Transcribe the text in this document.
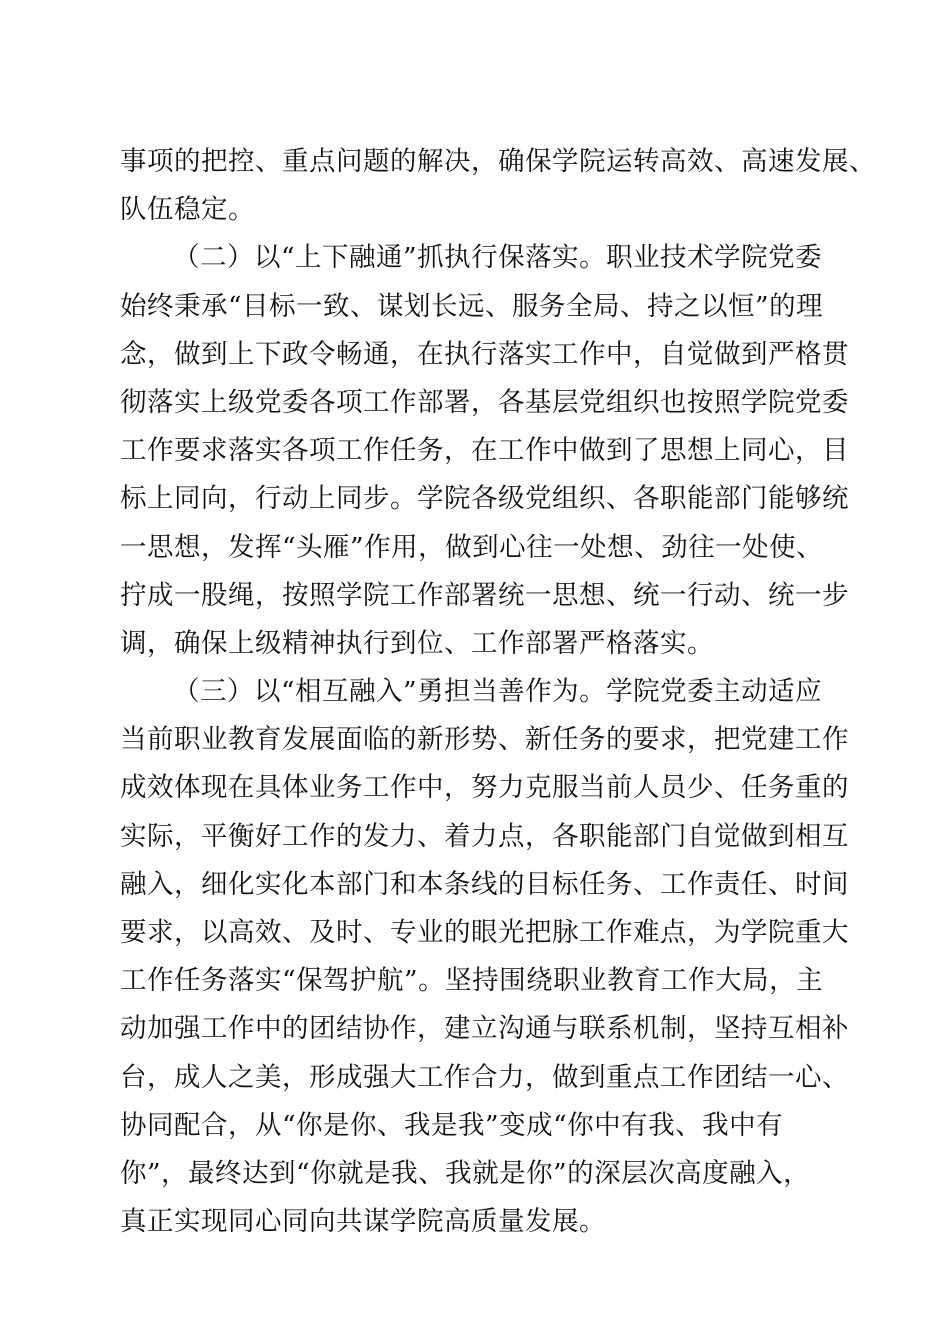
事项的把控、重点问题的解决，确保学院运转高效、高速发展、
队伍稳定。
（二）以“上下融通”抓执行保落实。职业技术学院党委
始终秉承“目标一致、谋划长远、服务全局、持之以恒”的理
念，做到上下政令畅通，在执行落实工作中，自觉做到严格贯
彻落实上级党委各项工作部署，各基层党组织也按照学院党委
工作要求落实各项工作任务，在工作中做到了思想上同心，目
标上同向，行动上同步。学院各级党组织、各职能部门能够统
一思想，发挥“头雁”作用，做到心往一处想、劲往一处使、
拧成一股绳，按照学院工作部署统一思想、统一行动、统一步
调，确保上级精神执行到位、工作部署严格落实。
（三）以“相互融入”勇担当善作为。学院党委主动适应
当前职业教育发展面临的新形势、新任务的要求，把党建工作
成效体现在具体业务工作中，努力克服当前人员少、任务重的
实际，平衡好工作的发力、着力点，各职能部门自觉做到相互
融入，细化实化本部门和本条线的目标任务、工作责任、时间
要求，以高效、及时、专业的眼光把脉工作难点，为学院重大
工作任务落实“保驾护航”。坚持围绕职业教育工作大局，主
动加强工作中的团结协作，建立沟通与联系机制，坚持互相补
台，成人之美，形成强大工作合力，做到重点工作团结一心、
协同配合，从“你是你、我是我”变成“你中有我、我中有
你”，最终达到“你就是我、我就是你”的深层次高度融入，
真正实现同心同向共谋学院高质量发展。
